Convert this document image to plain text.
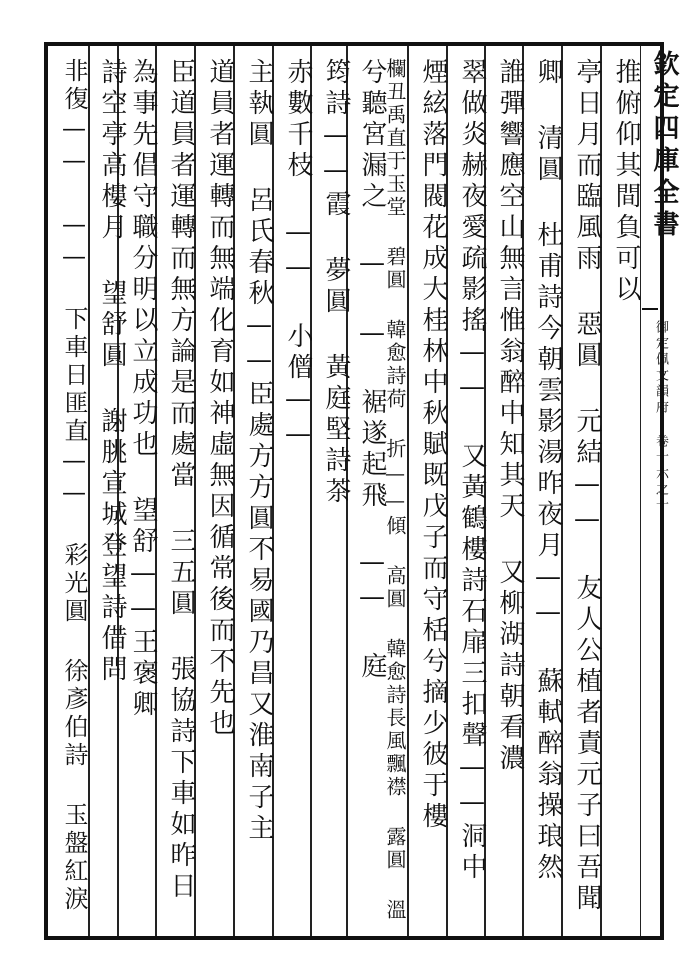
欽定四庫全書
御定佩文韻府 卷十六之十
推俯仰其間負可以
亭日月而臨風雨 惡圓 元結—— 友人公植者責元子曰吾聞
卿 清圓 杜甫詩今朝雲影湯昨夜月—— 蘇軾醉翁操琅然
誰彈響應空山無言惟翁醉中知其天 又柳湖詩朝看濃
翠做炎赫夜愛疏影搖—— 又黃鶴樓詩石扉三扣聲——洞中
煙絃落門閥花成大桂林中秋賦既戊子而守栝兮摘少彼于樓
欄丑禹直于玉堂 碧圓 韓愈詩荷 折——傾 高圓 韓愈詩長風飄襟 露圓 溫
兮聽宮漏之 — — 裾遂起飛 —— 庭
筠詩——霞 夢圓 黃庭堅詩茶
赤數千枝 —— 小僧——
主執圓 呂氏春秋——臣處方方圓不易國乃昌又淮南子主
道員者運轉而無端化育如神虛無因循常後而不先也
臣道員者運轉而無方論是而處當 三五圓 張協詩下車如昨日
為事先倡守職分明以立成功也 望舒——王褒卿
詩空亭高樓月 望舒圓 謝朓宣城登望詩借問
非復—— —— 下車日匪直—— 彩光圓 徐彥伯詩 玉盤紅淚
